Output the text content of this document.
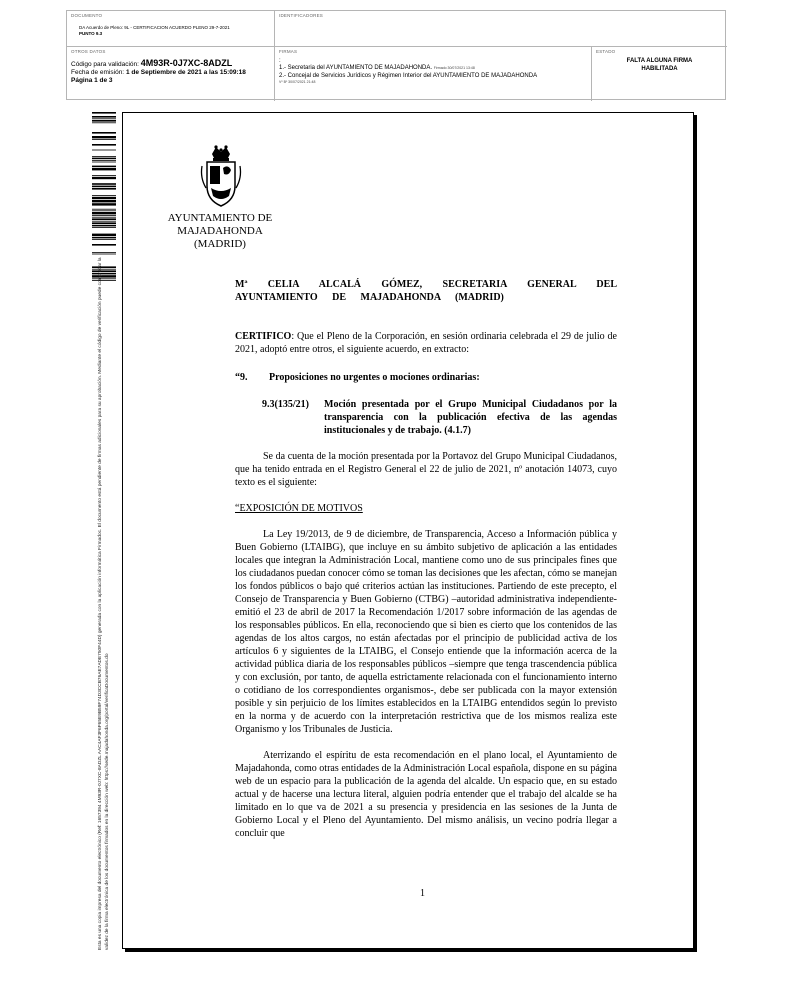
DOCUMENTO
DA Acuerdo de Pleno: 9L - CERTIFICACION ACUERDO PLENO 29-7-2021
PUNTO 9.3
IDENTIFICADORES
OTROS DATOS
Código para validación: 4M93R-0J7XC-8ADZL
Fecha de emisión: 1 de Septiembre de 2021 a las 15:09:18
Página 1 de 3
FIRMAS
:
1.- Secretaria del AYUNTAMIENTO DE MAJADAHONDA. Firmado 30/07/2021 13:48
2.- Concejal de Servicios Jurídicos y Régimen Interior del AYUNTAMIENTO DE MAJADAHONDA
Vº Bº 30/07/2021 21:48
ESTADO
FALTA ALGUNA FIRMA
HABILITADA
Esta es una copia impresa del documento electrónico (Ref: 1657394 4M93R-0J7XC-8ADZL AAC4AF3F6F65E9B59F74D3CCB76AE7ADE750F44D) generada con la aplicación informática Firmadoc. El documento está pendiente de firmas adicionales para su aprobación. Mediante el código de verificación puede comprobar la validez de la firma electrónica de los documentos firmados en la dirección web: https://sede.majadahonda.org/portal/verificaDocumentos.do
AYUNTAMIENTO DE
MAJADAHONDA
(MADRID)

Mª CELIA ALCALÁ GÓMEZ, SECRETARIA GENERAL DEL AYUNTAMIENTO DE MAJADAHONDA (MADRID)

CERTIFICO: Que el Pleno de la Corporación, en sesión ordinaria celebrada el 29 de julio de 2021, adoptó entre otros, el siguiente acuerdo, en extracto:

“9. Proposiciones no urgentes o mociones ordinarias:
9.3(135/21) Moción presentada por el Grupo Municipal Ciudadanos por la transparencia con la publicación efectiva de las agendas institucionales y de trabajo. (4.1.7)

Se da cuenta de la moción presentada por la Portavoz del Grupo Municipal Ciudadanos, que ha tenido entrada en el Registro General el 22 de julio de 2021, nº anotación 14073, cuyo texto es el siguiente:

“EXPOSICIÓN DE MOTIVOS

La Ley 19/2013, de 9 de diciembre, de Transparencia, Acceso a Información pública y Buen Gobierno (LTAIBG), que incluye en su ámbito subjetivo de aplicación a las entidades locales que integran la Administración Local, mantiene como uno de sus principales fines que los ciudadanos puedan conocer cómo se toman las decisiones que les afectan, cómo se manejan los fondos públicos o bajo qué criterios actúan las instituciones. Partiendo de este precepto, el Consejo de Transparencia y Buen Gobierno (CTBG) –autoridad administrativa independiente- emitió el 23 de abril de 2017 la Recomendación 1/2017 sobre información de las agendas de los responsables públicos. En ella, reconociendo que si bien es cierto que los contenidos de las agendas de los altos cargos, no están afectadas por el principio de publicidad activa de los artículos 6 y siguientes de la LTAIBG, el Consejo entiende que la información acerca de la actividad pública diaria de los responsables públicos –siempre que tenga trascendencia pública y con exclusión, por tanto, de aquella estrictamente relacionada con el funcionamiento interno o cotidiano de los correspondientes organismos-, debe ser publicada con la mayor extensión posible y sin perjuicio de los límites establecidos en la LTAIBG entendidos según lo previsto en la norma y de acuerdo con la interpretación restrictiva que de los mismos realiza este Organismo y los Tribunales de Justicia.

Aterrizando el espíritu de esta recomendación en el plano local, el Ayuntamiento de Majadahonda, como otras entidades de la Administración Local española, dispone en su página web de un espacio para la publicación de la agenda del alcalde. Un espacio que, en su estado actual y de hacerse una lectura literal, alguien podría entender que el trabajo del alcalde se ha limitado en lo que va de 2021 a su presencia y presidencia en las sesiones de la Junta de Gobierno Local y el Pleno del Ayuntamiento. Del mismo análisis, un vecino podría llegar a concluir que

1
